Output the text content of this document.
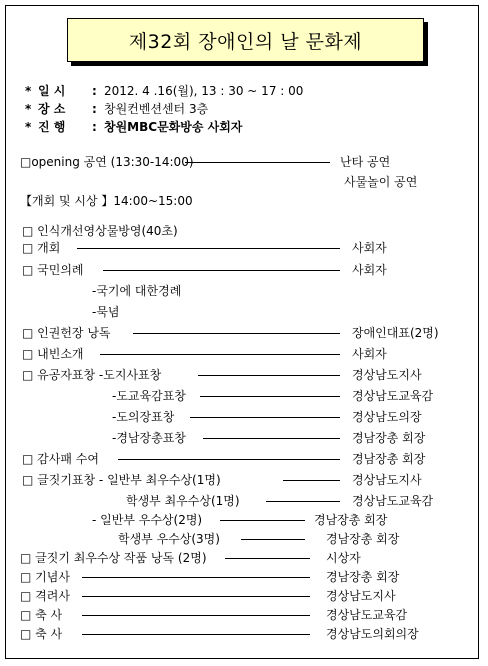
제32회 장애인의 날 문화제
* 일 시 : 2012. 4 .16(월), 13 : 30 ~ 17 : 00
* 장 소 : 창원컨벤션센터 3층
* 진 행 : 창원MBC문화방송 사회자
□opening 공연 (13:30-14:00)	난타 공연
사물놀이 공연
【개회 및 시상 】14:00~15:00
□ 인식개선영상물방영(40초)
□ 개회	사회자
□ 국민의례	사회자
-국기에 대한경례
-묵념
□ 인권헌장 낭독	장애인대표(2명)
□ 내빈소개	사회자
□ 유공자표창 -도지사표창	경상남도지사
-도교육감표창	경상남도교육감
-도의장표창	경상남도의장
-경남장총표창	경남장총 회장
□ 감사패 수여	경남장총 회장
□ 글짓기표창 - 일반부 최우수상(1명)	경상남도지사
학생부 최우수상(1명)	경상남도교육감
- 일반부 우수상(2명)	경남장총 회장
학생부 우수상(3명)	경남장총 회장
□ 글짓기 최우수상 작품 낭독 (2명)	시상자
□ 기념사	경남장총 회장
□ 격려사	경상남도지사
□ 축 사	경상남도교육감
□ 축 사	경상남도의회의장
